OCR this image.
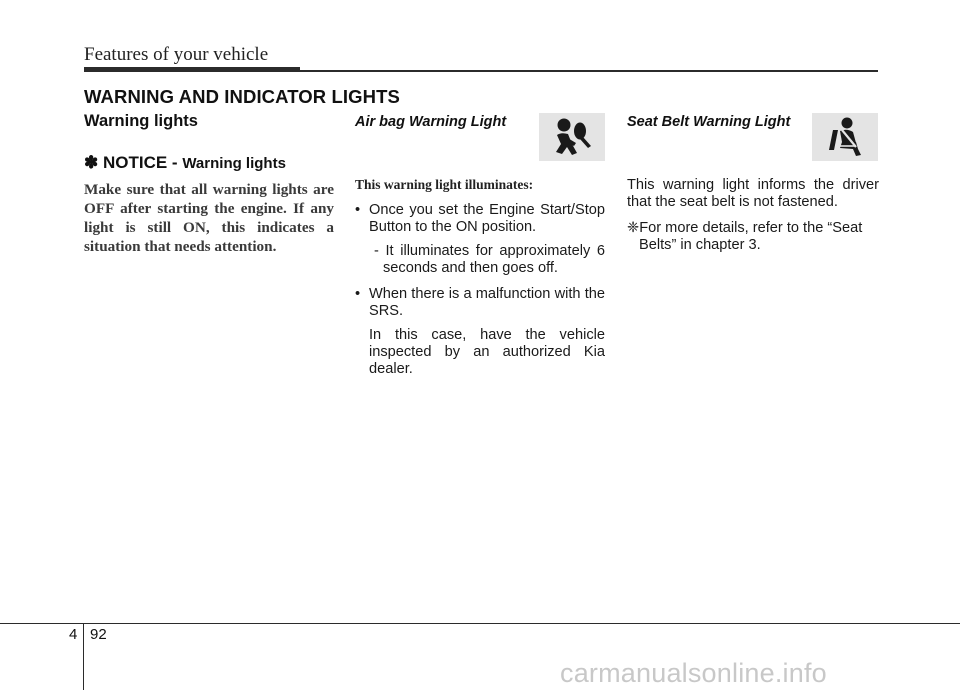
Features of your vehicle
WARNING AND INDICATOR LIGHTS
Warning lights
✽ NOTICE - Warning lights
Make sure that all warning lights are OFF after starting the engine. If any light is still ON, this indicates a situation that needs attention.
Air bag Warning Light
This warning light illuminates:
• Once you set the Engine Start/Stop Button to the ON position.
- It illuminates for approximately 6 seconds and then goes off.
• When there is a malfunction with the SRS.
In this case, have the vehicle inspected by an authorized Kia dealer.
Seat Belt Warning Light
This warning light informs the driver that the seat belt is not fastened.
❈For more details, refer to the “Seat Belts” in chapter 3.
4 92
carmanualsonline.info
